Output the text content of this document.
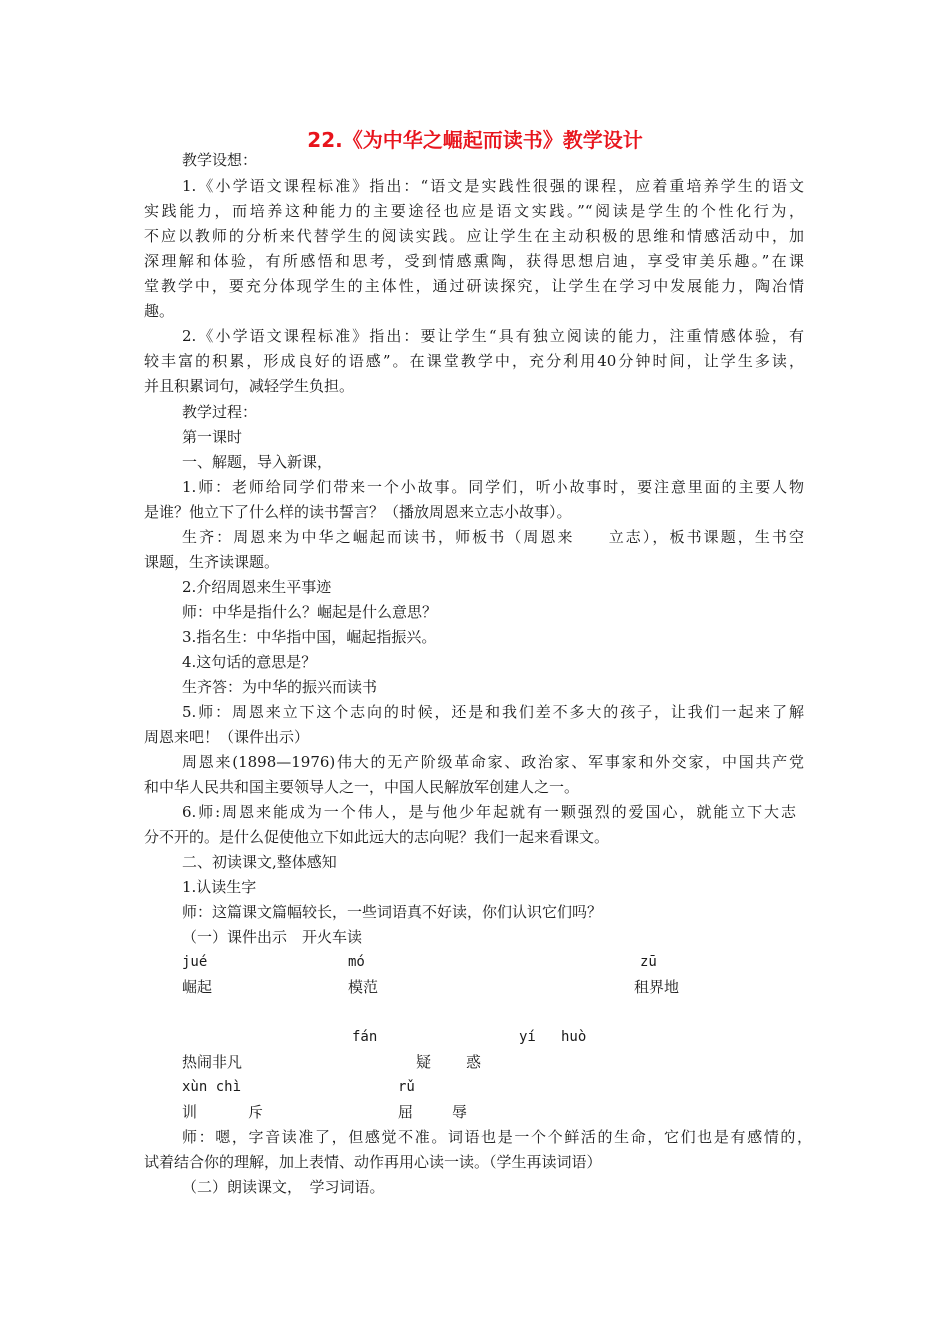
22.《为中华之崛起而读书》教学设计
教学设想：
1.《小学语文课程标准》指出：“语文是实践性很强的课程，应着重培养学生的语文
实践能力，而培养这种能力的主要途径也应是语文实践。”“阅读是学生的个性化行为，
不应以教师的分析来代替学生的阅读实践。应让学生在主动积极的思维和情感活动中，加
深理解和体验，有所感悟和思考，受到情感熏陶，获得思想启迪，享受审美乐趣。”在课
堂教学中，要充分体现学生的主体性，通过研读探究，让学生在学习中发展能力，陶冶情
趣。
2.《小学语文课程标准》指出：要让学生“具有独立阅读的能力，注重情感体验，有
较丰富的积累，形成良好的语感”。在课堂教学中，充分利用40分钟时间，让学生多读，
并且积累词句，减轻学生负担。
教学过程：
第一课时
一、解题，导入新课，
1.师：老师给同学们带来一个小故事。同学们，听小故事时，要注意里面的主要人物
是谁？他立下了什么样的读书誓言？（播放周恩来立志小故事）。
生齐：周恩来为中华之崛起而读书，师板书（周恩来　　立志），板书课题，生书空
课题，生齐读课题。
2.介绍周恩来生平事迹
师：中华是指什么？崛起是什么意思？
3.指名生：中华指中国，崛起指振兴。
4.这句话的意思是？
生齐答：为中华的振兴而读书
5.师：周恩来立下这个志向的时候，还是和我们差不多大的孩子，让我们一起来了解
周恩来吧！（课件出示）
周恩来(1898—1976)伟大的无产阶级革命家、政治家、军事家和外交家，中国共产党
和中华人民共和国主要领导人之一，中国人民解放军创建人之一。
6.师:周恩来能成为一个伟人，是与他少年起就有一颗强烈的爱国心，就能立下大志
分不开的。是什么促使他立下如此远大的志向呢？我们一起来看课文。
二、初读课文,整体感知
1.认读生字
师：这篇课文篇幅较长，一些词语真不好读，你们认识它们吗？
（一）课件出示　开火车读
jué	mó	zū
崛起	模范	租界地
fán	yí huò
热闹非凡	疑 惑
xùn chì	rǔ
训	斥	屈	辱
师：嗯，字音读准了，但感觉不准。词语也是一个个鲜活的生命，它们也是有感情的，
试着结合你的理解，加上表情、动作再用心读一读。（学生再读词语）
（二）朗读课文，　学习词语。
